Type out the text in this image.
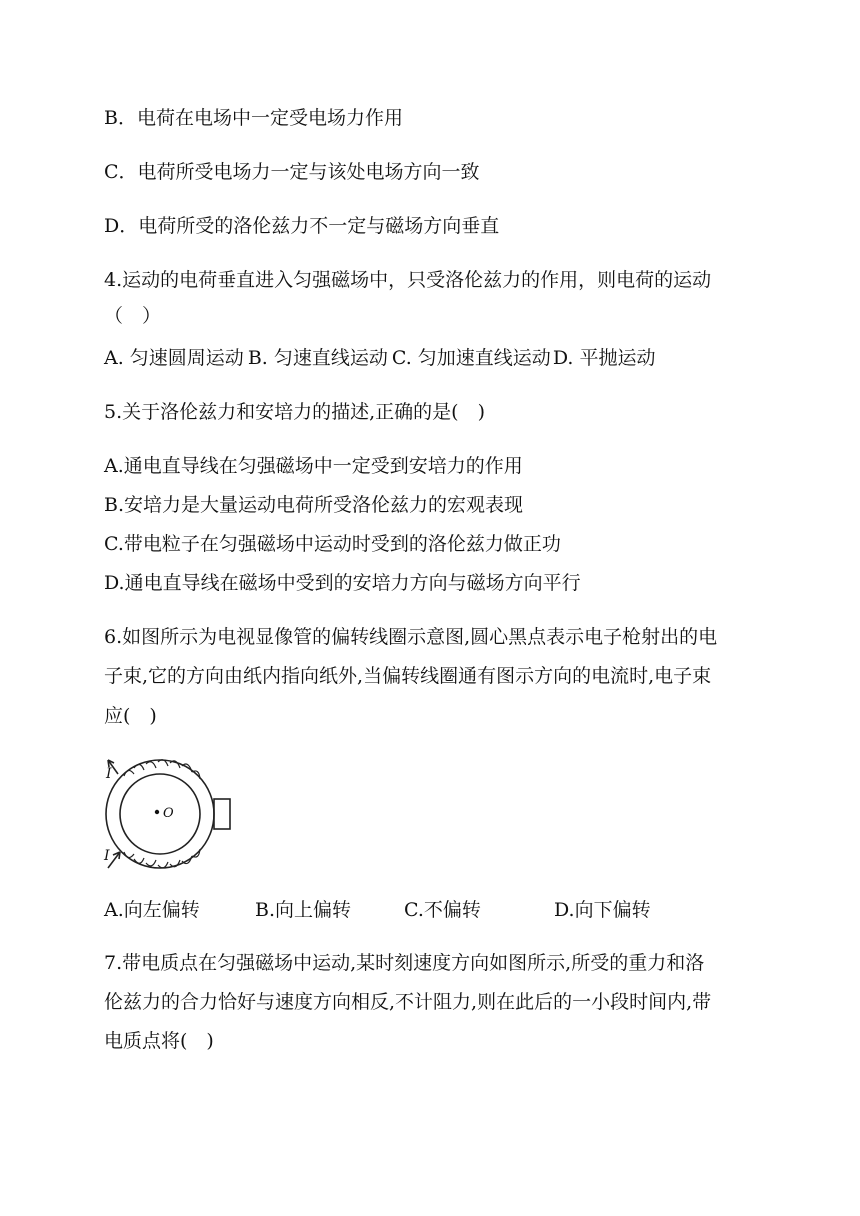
B．电荷在电场中一定受电场力作用
C．电荷所受电场力一定与该处电场方向一致
D．电荷所受的洛伦兹力不一定与磁场方向垂直
4.运动的电荷垂直进入匀强磁场中，只受洛伦兹力的作用，则电荷的运动
（　）
A. 匀速圆周运动 B. 匀速直线运动 C. 匀加速直线运动 D. 平抛运动
5.关于洛伦兹力和安培力的描述,正确的是(　)
A.通电直导线在匀强磁场中一定受到安培力的作用
B.安培力是大量运动电荷所受洛伦兹力的宏观表现
C.带电粒子在匀强磁场中运动时受到的洛伦兹力做正功
D.通电直导线在磁场中受到的安培力方向与磁场方向平行
6.如图所示为电视显像管的偏转线圈示意图,圆心黑点表示电子枪射出的电
子束,它的方向由纸内指向纸外,当偏转线圈通有图示方向的电流时,电子束
应(　)
I
I
O
A.向左偏转	B.向上偏转	C.不偏转	D.向下偏转
7.带电质点在匀强磁场中运动,某时刻速度方向如图所示,所受的重力和洛
伦兹力的合力恰好与速度方向相反,不计阻力,则在此后的一小段时间内,带
电质点将(　)
